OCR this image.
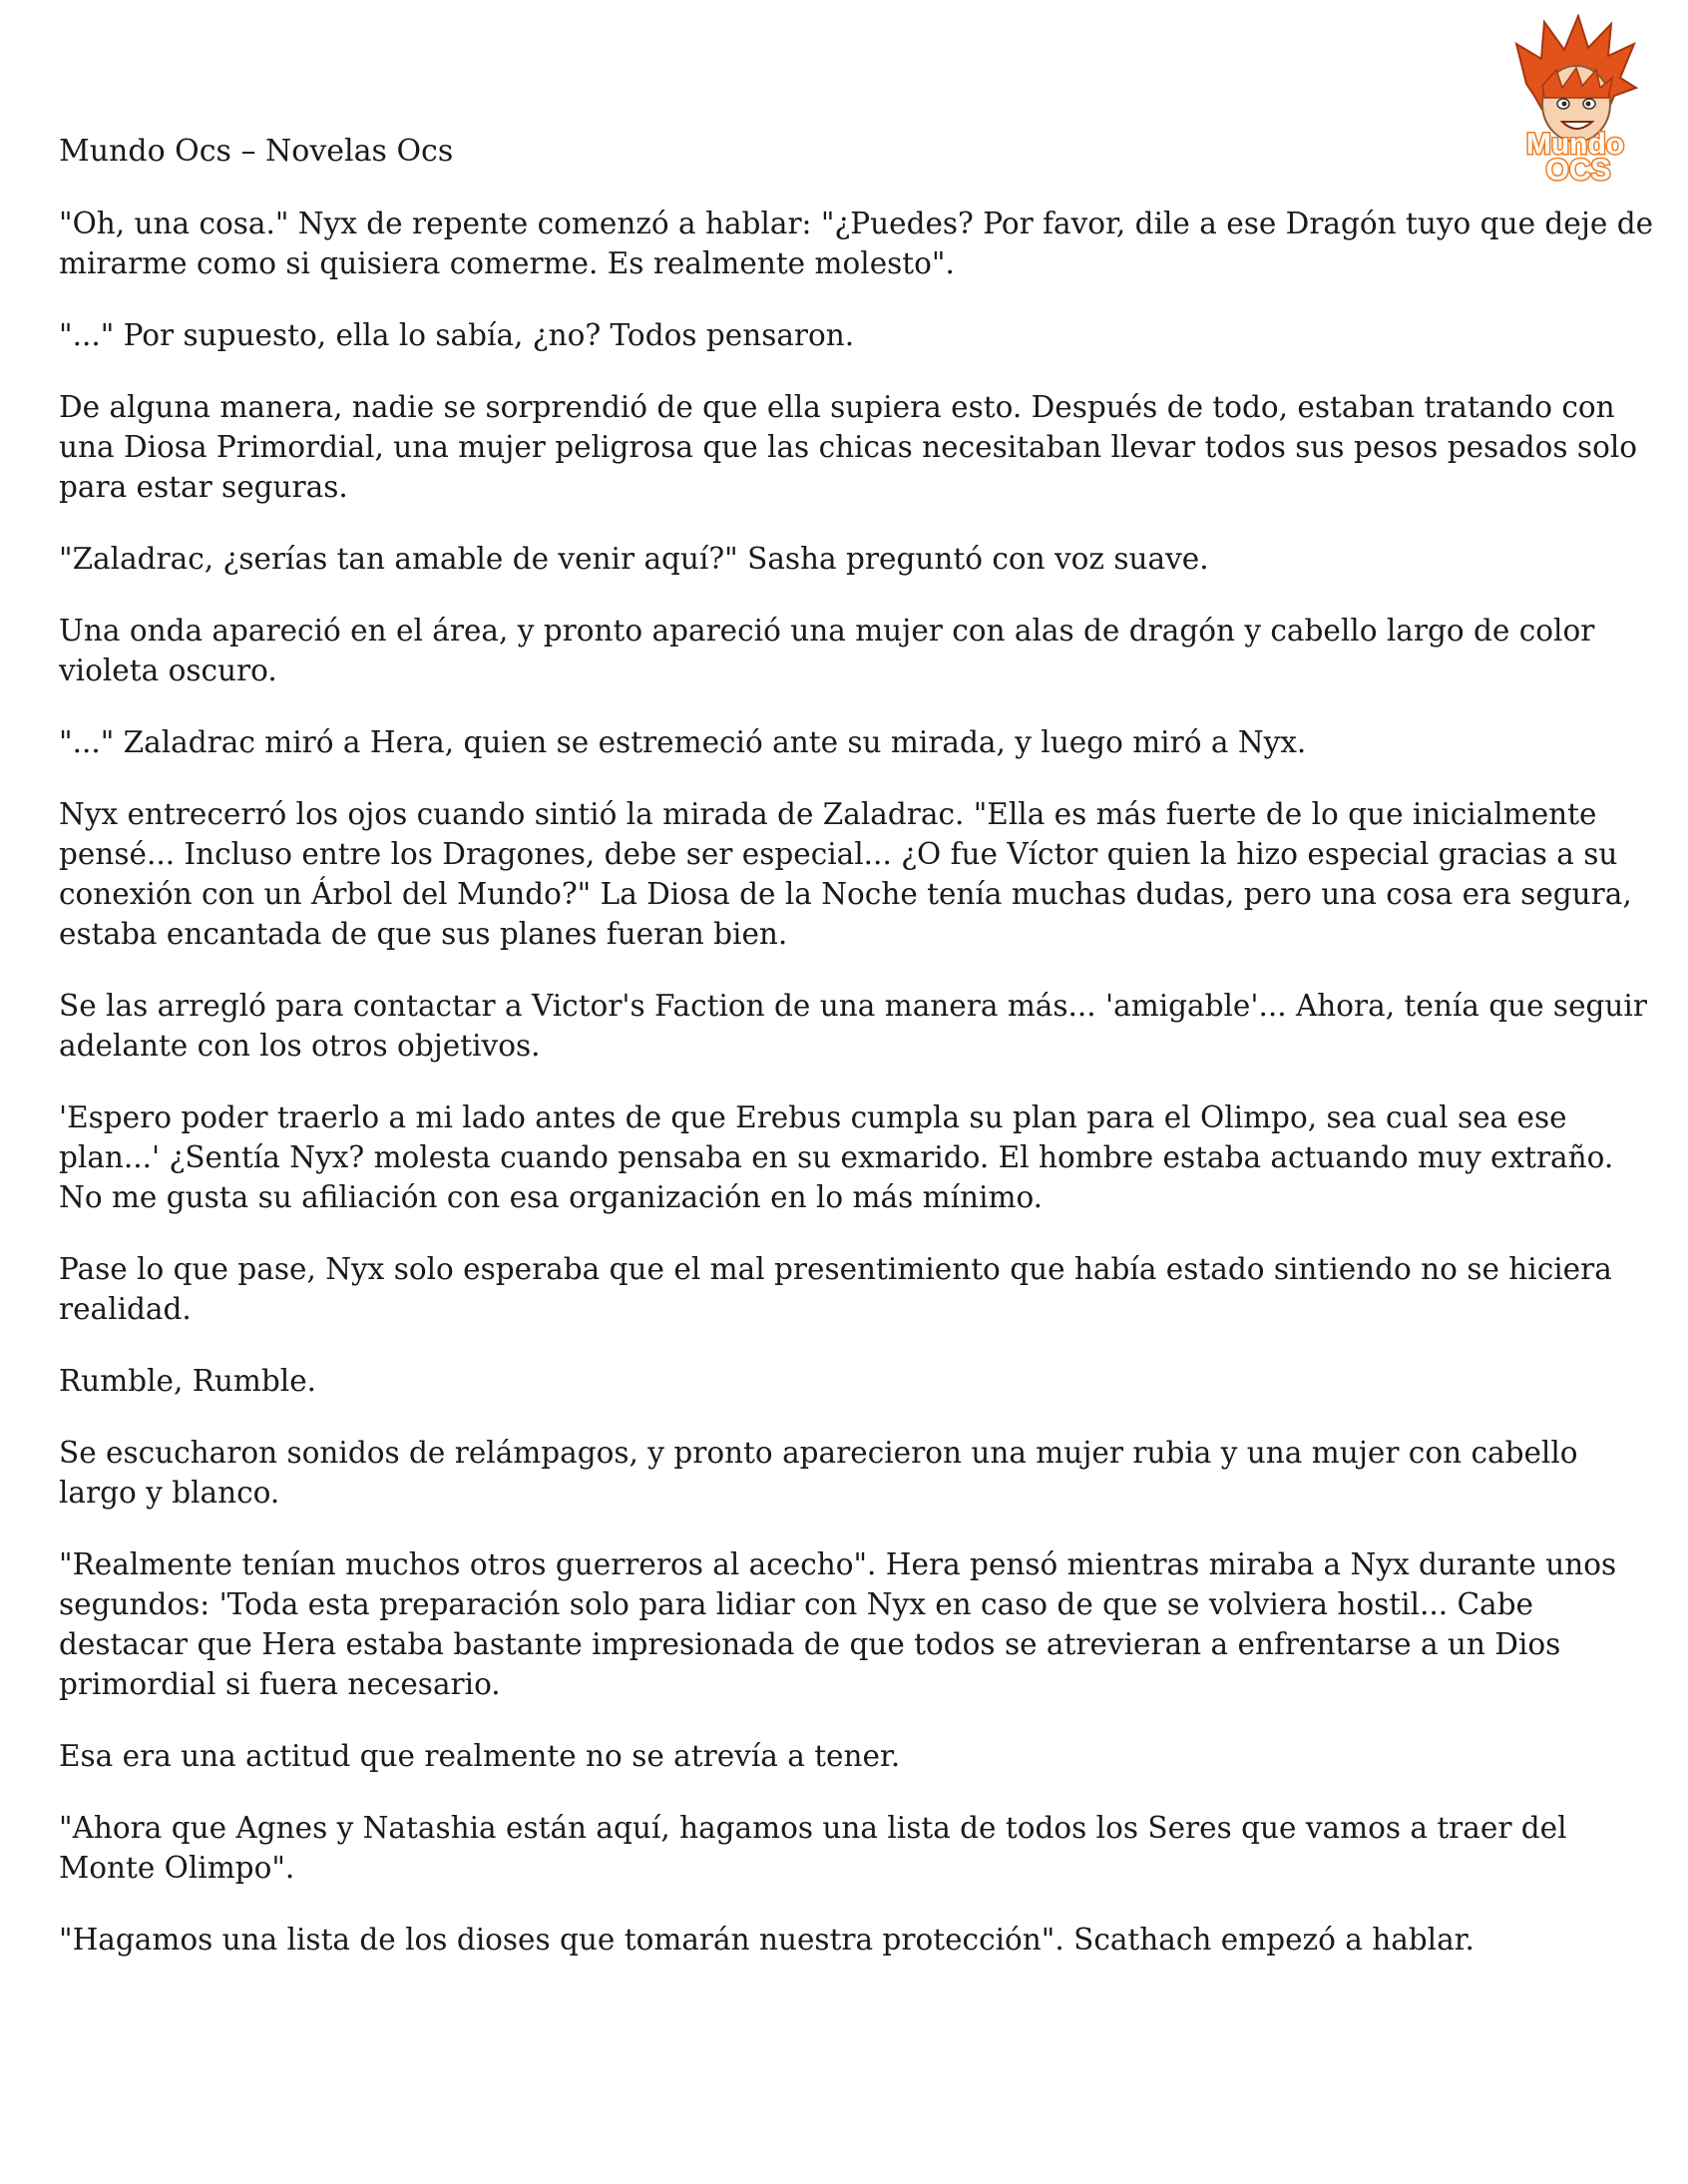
Mundo
OCS

Mundo Ocs – Novelas Ocs

"Oh, una cosa." Nyx de repente comenzó a hablar: "¿Puedes? Por favor, dile a ese Dragón tuyo que deje de mirarme como si quisiera comerme. Es realmente molesto".

"..." Por supuesto, ella lo sabía, ¿no? Todos pensaron.

De alguna manera, nadie se sorprendió de que ella supiera esto. Después de todo, estaban tratando con una Diosa Primordial, una mujer peligrosa que las chicas necesitaban llevar todos sus pesos pesados solo para estar seguras.

"Zaladrac, ¿serías tan amable de venir aquí?" Sasha preguntó con voz suave.

Una onda apareció en el área, y pronto apareció una mujer con alas de dragón y cabello largo de color violeta oscuro.

"..." Zaladrac miró a Hera, quien se estremeció ante su mirada, y luego miró a Nyx.

Nyx entrecerró los ojos cuando sintió la mirada de Zaladrac. "Ella es más fuerte de lo que inicialmente pensé... Incluso entre los Dragones, debe ser especial... ¿O fue Víctor quien la hizo especial gracias a su conexión con un Árbol del Mundo?" La Diosa de la Noche tenía muchas dudas, pero una cosa era segura, estaba encantada de que sus planes fueran bien.

Se las arregló para contactar a Victor's Faction de una manera más... 'amigable'... Ahora, tenía que seguir adelante con los otros objetivos.

'Espero poder traerlo a mi lado antes de que Erebus cumpla su plan para el Olimpo, sea cual sea ese plan...' ¿Sentía Nyx? molesta cuando pensaba en su exmarido. El hombre estaba actuando muy extraño. No me gusta su afiliación con esa organización en lo más mínimo.

Pase lo que pase, Nyx solo esperaba que el mal presentimiento que había estado sintiendo no se hiciera realidad.

Rumble, Rumble.

Se escucharon sonidos de relámpagos, y pronto aparecieron una mujer rubia y una mujer con cabello largo y blanco.

"Realmente tenían muchos otros guerreros al acecho". Hera pensó mientras miraba a Nyx durante unos segundos: 'Toda esta preparación solo para lidiar con Nyx en caso de que se volviera hostil... Cabe destacar que Hera estaba bastante impresionada de que todos se atrevieran a enfrentarse a un Dios primordial si fuera necesario.

Esa era una actitud que realmente no se atrevía a tener.

"Ahora que Agnes y Natashia están aquí, hagamos una lista de todos los Seres que vamos a traer del Monte Olimpo".

"Hagamos una lista de los dioses que tomarán nuestra protección". Scathach empezó a hablar.
